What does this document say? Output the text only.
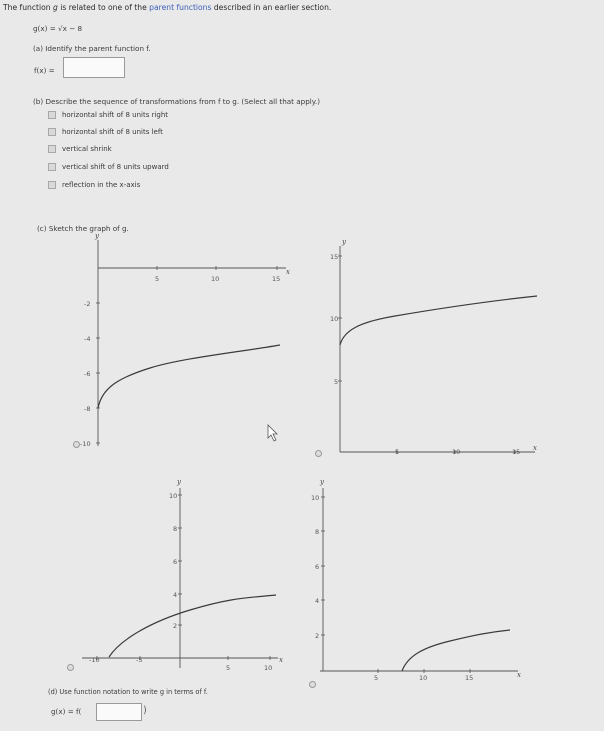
The function g is related to one of the parent functions described in an earlier section.
g(x) = √x − 8
(a) Identify the parent function f.
f(x) =
(b) Describe the sequence of transformations from f to g. (Select all that apply.)
horizontal shift of 8 units right
horizontal shift of 8 units left
vertical shrink
vertical shift of 8 units upward
reflection in the x-axis
(c) Sketch the graph of g.
5	10	15
-2
-4
-6
-8
-10
x
y
5	10	15
15
10
5
x
y
-10	-5
5	10
10
8
6
4
2
x
y
5	10	15
10
8
6
4
2
x
y
(d) Use function notation to write g in terms of f.
g(x) = f(	)
